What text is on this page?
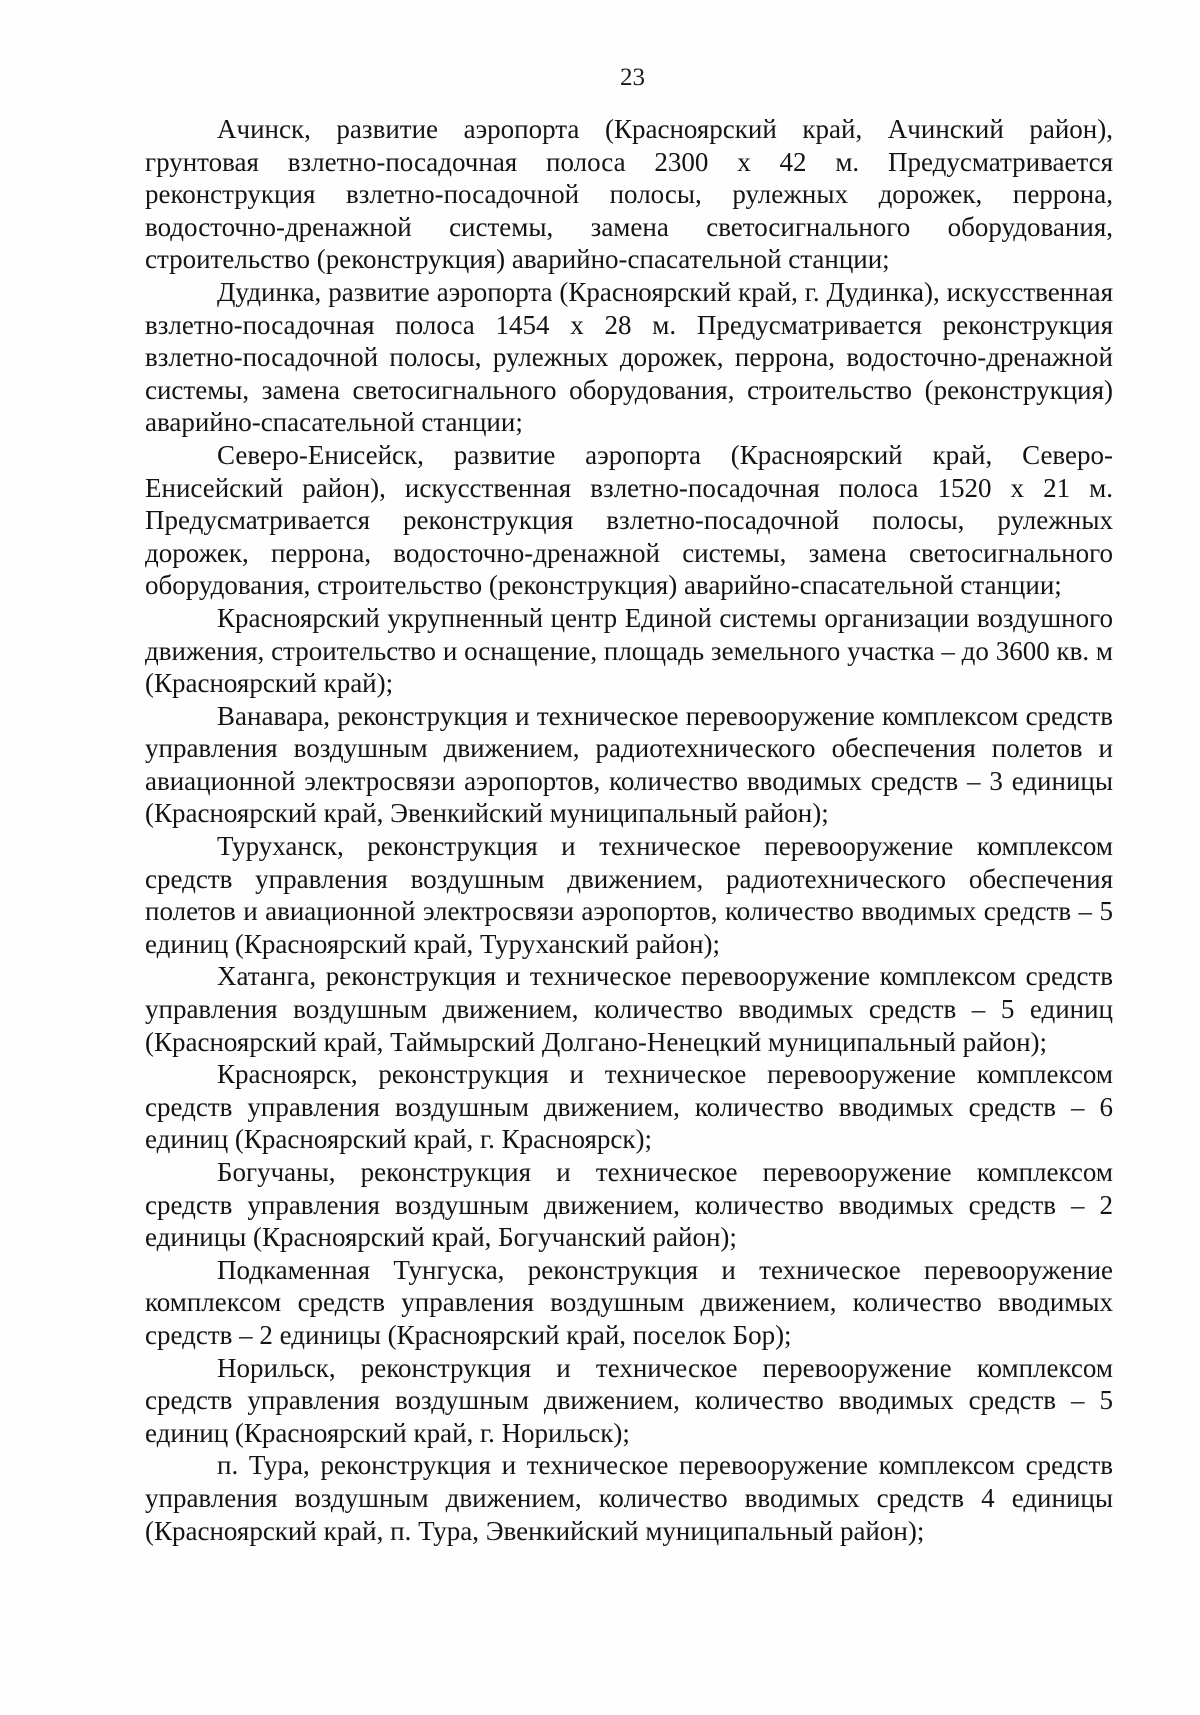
23

Ачинск, развитие аэропорта (Красноярский край, Ачинский район), грунтовая взлетно-посадочная полоса 2300 x 42 м. Предусматривается реконструкция взлетно-посадочной полосы, рулежных дорожек, перрона, водосточно-дренажной системы, замена светосигнального оборудования, строительство (реконструкция) аварийно-спасательной станции;

Дудинка, развитие аэропорта (Красноярский край, г. Дудинка), искусственная взлетно-посадочная полоса 1454 x 28 м. Предусматривается реконструкция взлетно-посадочной полосы, рулежных дорожек, перрона, водосточно-дренажной системы, замена светосигнального оборудования, строительство (реконструкция) аварийно-спасательной станции;

Северо-Енисейск, развитие аэропорта (Красноярский край, Северо-Енисейский район), искусственная взлетно-посадочная полоса 1520 x 21 м. Предусматривается реконструкция взлетно-посадочной полосы, рулежных дорожек, перрона, водосточно-дренажной системы, замена светосигнального оборудования, строительство (реконструкция) аварийно-спасательной станции;

Красноярский укрупненный центр Единой системы организации воздушного движения, строительство и оснащение, площадь земельного участка – до 3600 кв. м (Красноярский край);

Ванавара, реконструкция и техническое перевооружение комплексом средств управления воздушным движением, радиотехнического обеспечения полетов и авиационной электросвязи аэропортов, количество вводимых средств – 3 единицы (Красноярский край, Эвенкийский муниципальный район);

Туруханск, реконструкция и техническое перевооружение комплексом средств управления воздушным движением, радиотехнического обеспечения полетов и авиационной электросвязи аэропортов, количество вводимых средств – 5 единиц (Красноярский край, Туруханский район);

Хатанга, реконструкция и техническое перевооружение комплексом средств управления воздушным движением, количество вводимых средств – 5 единиц (Красноярский край, Таймырский Долгано-Ненецкий муниципальный район);

Красноярск, реконструкция и техническое перевооружение комплексом средств управления воздушным движением, количество вводимых средств – 6 единиц (Красноярский край, г. Красноярск);

Богучаны, реконструкция и техническое перевооружение комплексом средств управления воздушным движением, количество вводимых средств – 2 единицы (Красноярский край, Богучанский район);

Подкаменная Тунгуска, реконструкция и техническое перевооружение комплексом средств управления воздушным движением, количество вводимых средств – 2 единицы (Красноярский край, поселок Бор);

Норильск, реконструкция и техническое перевооружение комплексом средств управления воздушным движением, количество вводимых средств – 5 единиц (Красноярский край, г. Норильск);

п. Тура, реконструкция и техническое перевооружение комплексом средств управления воздушным движением, количество вводимых средств 4 единицы (Красноярский край, п. Тура, Эвенкийский муниципальный район);
